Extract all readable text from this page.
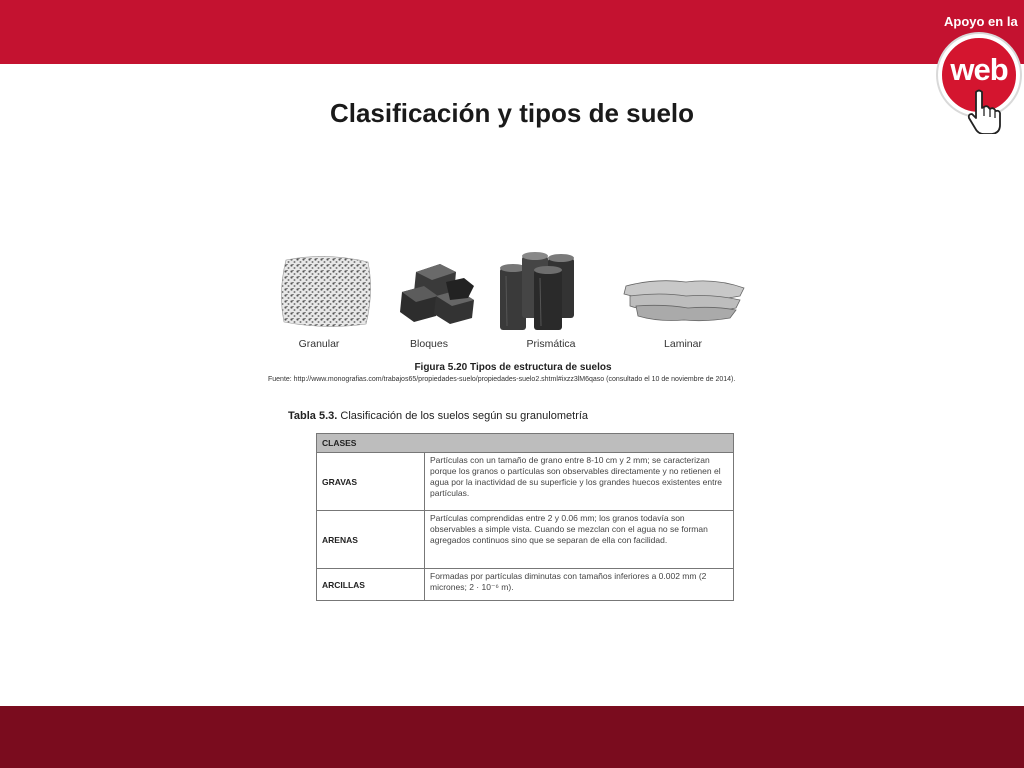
Apoyo en la
web
Clasificación y tipos de suelo
Granular	Bloques	Prismática	Laminar
Figura 5.20 Tipos de estructura de suelos
Fuente: http://www.monografias.com/trabajos65/propiedades-suelo/propiedades-suelo2.shtml#ixzz3lM6qaso (consultado el 10 de noviembre de 2014).
Tabla 5.3. Clasificación de los suelos según su granulometría
CLASES	
GRAVAS	Partículas con un tamaño de grano entre 8-10 cm y 2 mm; se caracterizan porque los granos o partículas son observables directamente y no retienen el agua por la inactividad de su superficie y los grandes huecos existentes entre partículas.
ARENAS	Partículas comprendidas entre 2 y 0.06 mm; los granos todavía son observables a simple vista. Cuando se mezclan con el agua no se forman agregados continuos sino que se separan de ella con facilidad.
ARCILLAS	Formadas por partículas diminutas con tamaños inferiores a 0.002 mm (2 micrones; 2 · 10⁻⁶ m).
